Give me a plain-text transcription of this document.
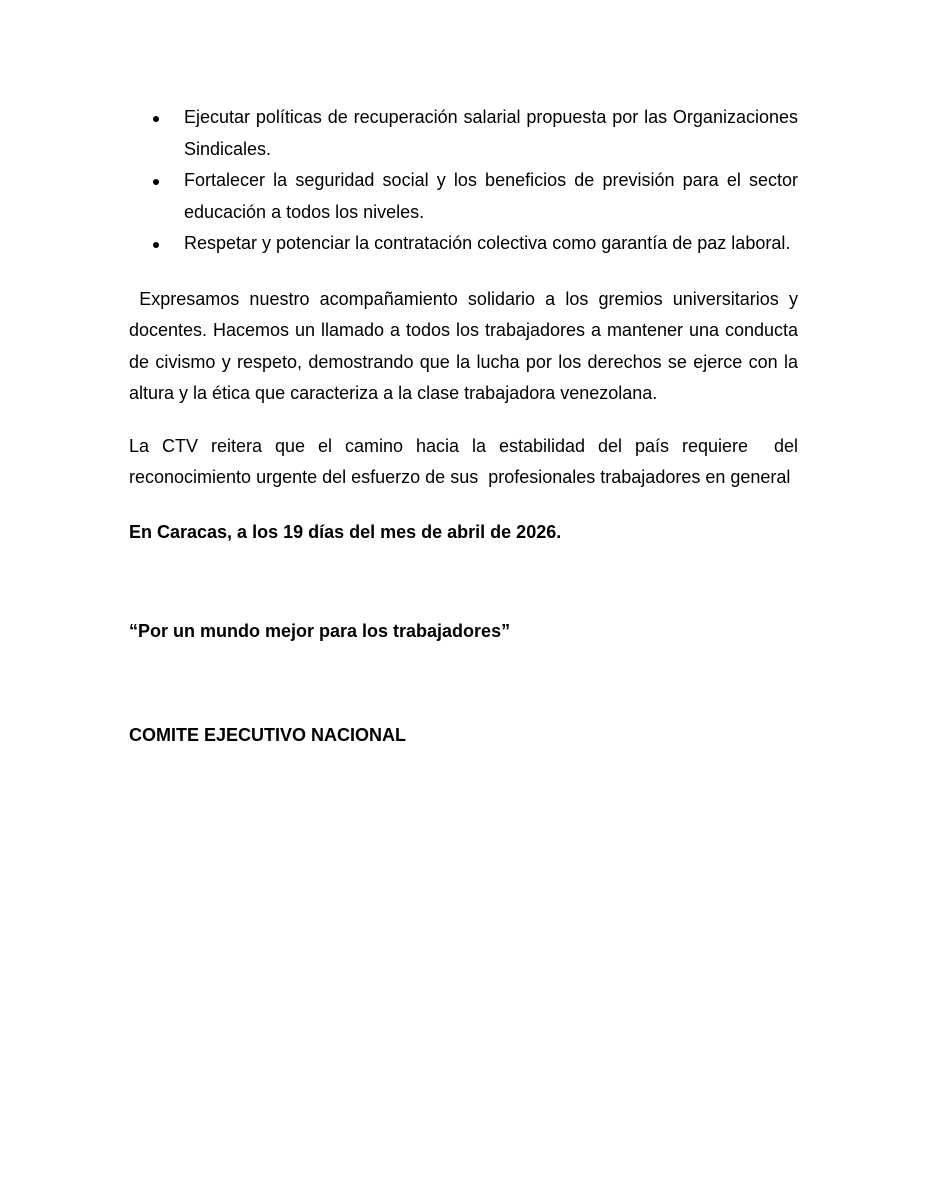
Ejecutar políticas de recuperación salarial propuesta por las Organizaciones Sindicales.
Fortalecer la seguridad social y los beneficios de previsión para el sector educación a todos los niveles.
Respetar y potenciar la contratación colectiva como garantía de paz laboral.

Expresamos nuestro acompañamiento solidario a los gremios universitarios y docentes. Hacemos un llamado a todos los trabajadores a mantener una conducta de civismo y respeto, demostrando que la lucha por los derechos se ejerce con la altura y la ética que caracteriza a la clase trabajadora venezolana.

La CTV reitera que el camino hacia la estabilidad del país requiere  del reconocimiento urgente del esfuerzo de sus  profesionales trabajadores en general

En Caracas, a los 19 días del mes de abril de 2026.

“Por un mundo mejor para los trabajadores”

COMITE EJECUTIVO NACIONAL
